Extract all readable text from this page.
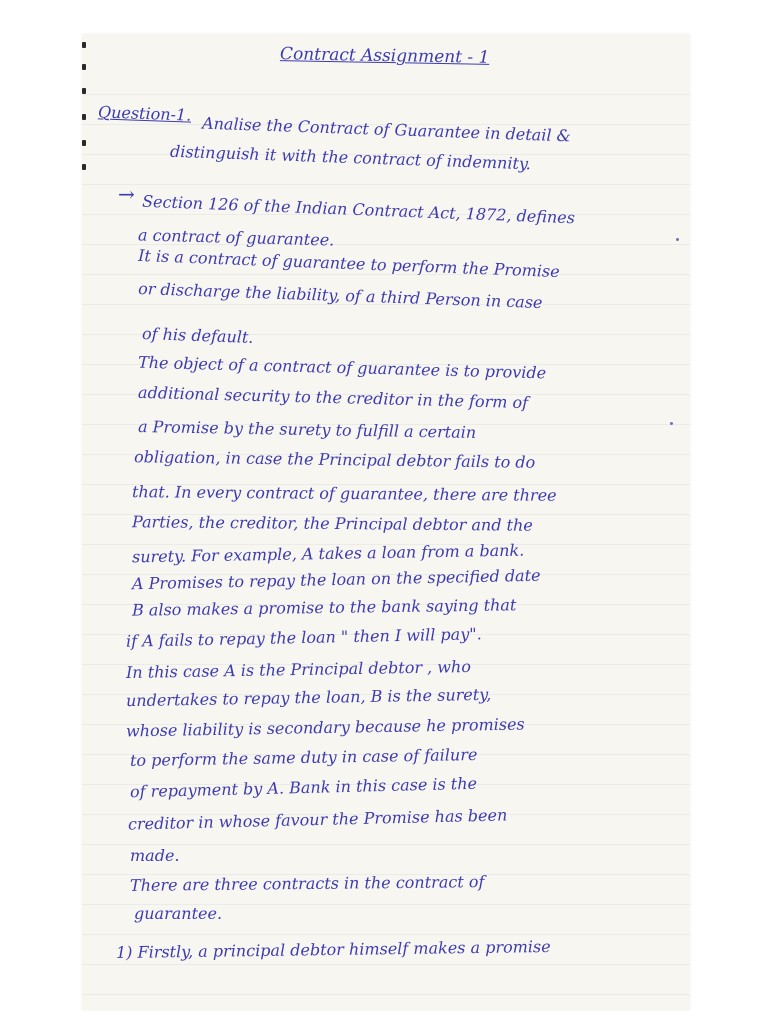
Contract Assignment - 1
Question-1.
Analise the Contract of Guarantee in detail &
distinguish it with the contract of indemnity.
→ Section 126 of the Indian Contract Act, 1872, defines
a contract of guarantee.
It is a contract of guarantee to perform the Promise
or discharge the liability, of a third Person in case
of his default.
The object of a contract of guarantee is to provide
additional security to the creditor in the form of
a Promise by the surety to fulfill a certain
obligation, in case the Principal debtor fails to do
that. In every contract of guarantee, there are three
Parties, the creditor, the Principal debtor and the
surety. For example, A takes a loan from a bank.
A Promises to repay the loan on the specified date
B also makes a promise to the bank saying that
if A fails to repay the loan " then I will pay".
In this case A is the Principal debtor , who
undertakes to repay the loan, B is the surety,
whose liability is secondary because he promises
to perform the same duty in case of failure
of repayment by A. Bank in this case is the
creditor in whose favour the Promise has been
made.
There are three contracts in the contract of
guarantee.
1) Firstly, a principal debtor himself makes a promise
